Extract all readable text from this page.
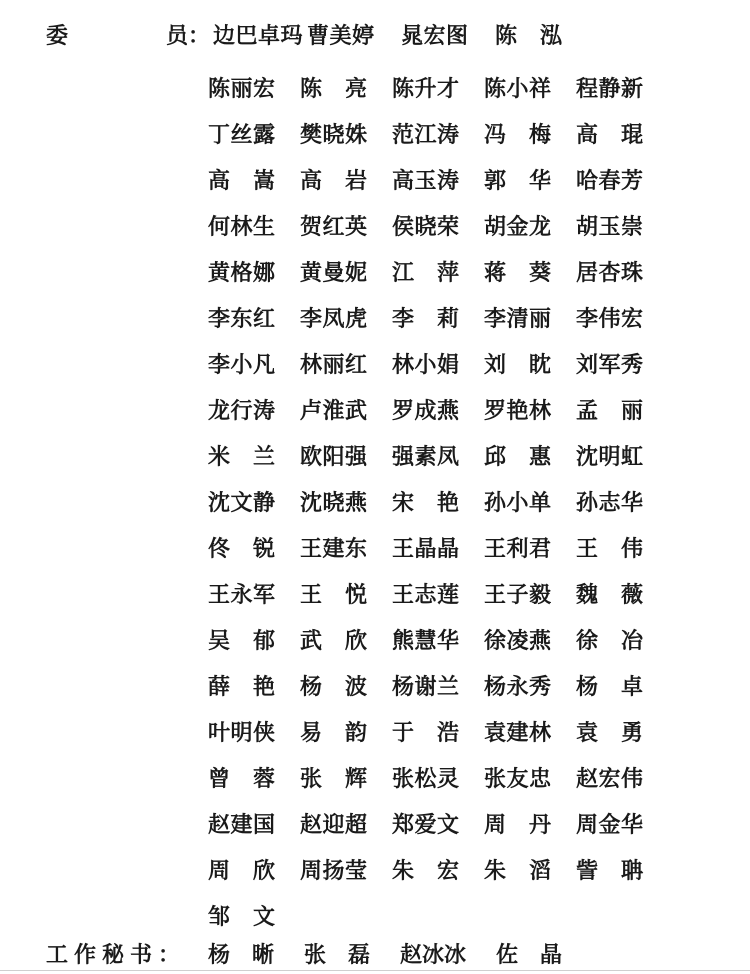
委	员： 边巴卓玛 曹美婷	晁宏图	陈　泓
陈丽宏	陈　亮	陈升才	陈小祥	程静新
丁丝露	樊晓姝	范江涛	冯　梅	高　琨
高　嵩	高　岩	高玉涛	郭　华	哈春芳
何林生	贺红英	侯晓荣	胡金龙	胡玉崇
黄格娜	黄曼妮	江　萍	蒋　葵	居杏珠
李东红	李凤虎	李　莉	李清丽	李伟宏
李小凡	林丽红	林小娟	刘　眈	刘军秀
龙行涛	卢淮武	罗成燕	罗艳林	孟　丽
米　兰	欧阳强	强素凤	邱　惠	沈明虹
沈文静	沈晓燕	宋　艳	孙小单	孙志华
佟　锐	王建东	王晶晶	王利君	王　伟
王永军	王　悦	王志莲	王子毅	魏　薇
吴　郁	武　欣	熊慧华	徐凌燕	徐　冶
薛　艳	杨　波	杨谢兰	杨永秀	杨　卓
叶明侠	易　韵	于　浩	袁建林	袁　勇
曾　蓉	张　辉	张松灵	张友忠	赵宏伟
赵建国	赵迎超	郑爱文	周　丹	周金华
周　欣	周扬莹	朱　宏	朱　滔	訾　聃
邹　文
工作秘书： 杨　晰	张　磊	赵冰冰	佐　晶
